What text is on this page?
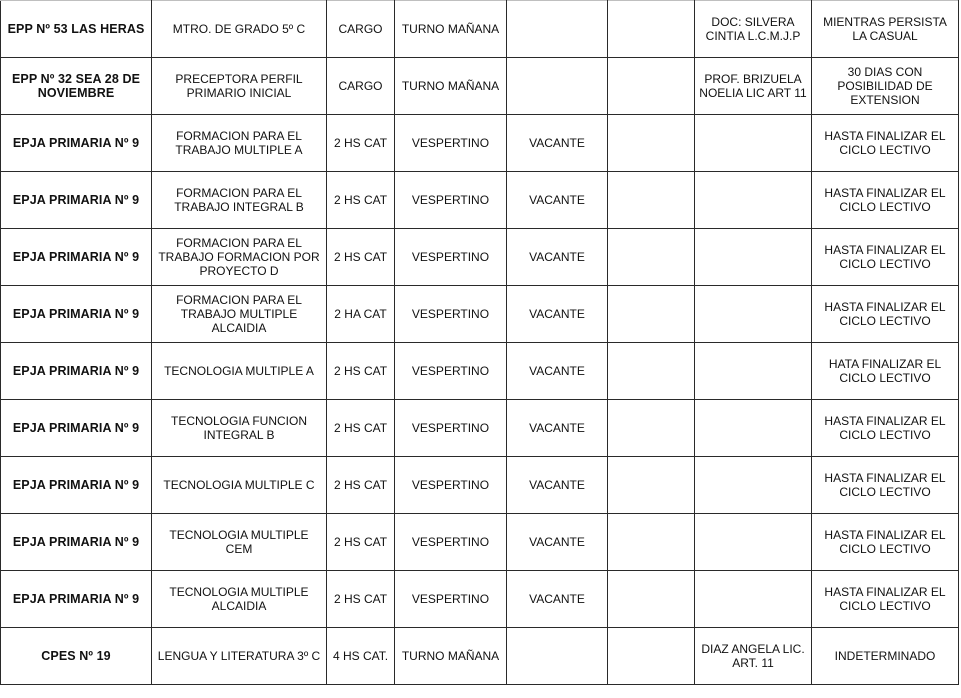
EPP Nº 53 LAS HERAS	MTRO. DE GRADO 5º C	CARGO	TURNO MAÑANA			DOC: SILVERA CINTIA L.C.M.J.P	MIENTRAS PERSISTA LA CASUAL
EPP Nº 32 SEA 28 DE NOVIEMBRE	PRECEPTORA PERFIL PRIMARIO INICIAL	CARGO	TURNO MAÑANA			PROF. BRIZUELA NOELIA LIC ART 11	30 DIAS CON POSIBILIDAD DE EXTENSION
EPJA PRIMARIA Nº 9	FORMACION PARA EL TRABAJO MULTIPLE A	2 HS CAT	VESPERTINO	VACANTE			HASTA FINALIZAR EL CICLO LECTIVO
EPJA PRIMARIA Nº 9	FORMACION PARA EL TRABAJO INTEGRAL B	2 HS CAT	VESPERTINO	VACANTE			HASTA FINALIZAR EL CICLO LECTIVO
EPJA PRIMARIA Nº 9	FORMACION PARA EL TRABAJO FORMACION POR PROYECTO D	2 HS CAT	VESPERTINO	VACANTE			HASTA FINALIZAR EL CICLO LECTIVO
EPJA PRIMARIA Nº 9	FORMACION PARA EL TRABAJO MULTIPLE ALCAIDIA	2 HA CAT	VESPERTINO	VACANTE			HASTA FINALIZAR EL CICLO LECTIVO
EPJA PRIMARIA Nº 9	TECNOLOGIA MULTIPLE A	2 HS CAT	VESPERTINO	VACANTE			HATA FINALIZAR EL CICLO LECTIVO
EPJA PRIMARIA Nº 9	TECNOLOGIA FUNCION INTEGRAL B	2 HS CAT	VESPERTINO	VACANTE			HASTA FINALIZAR EL CICLO LECTIVO
EPJA PRIMARIA Nº 9	TECNOLOGIA MULTIPLE C	2 HS CAT	VESPERTINO	VACANTE			HASTA FINALIZAR EL CICLO LECTIVO
EPJA PRIMARIA Nº 9	TECNOLOGIA MULTIPLE CEM	2 HS CAT	VESPERTINO	VACANTE			HASTA FINALIZAR EL CICLO LECTIVO
EPJA PRIMARIA Nº 9	TECNOLOGIA MULTIPLE ALCAIDIA	2 HS CAT	VESPERTINO	VACANTE			HASTA FINALIZAR EL CICLO LECTIVO
CPES Nº 19	LENGUA Y LITERATURA 3º C	4 HS CAT.	TURNO MAÑANA			DIAZ ANGELA LIC. ART. 11	INDETERMINADO
